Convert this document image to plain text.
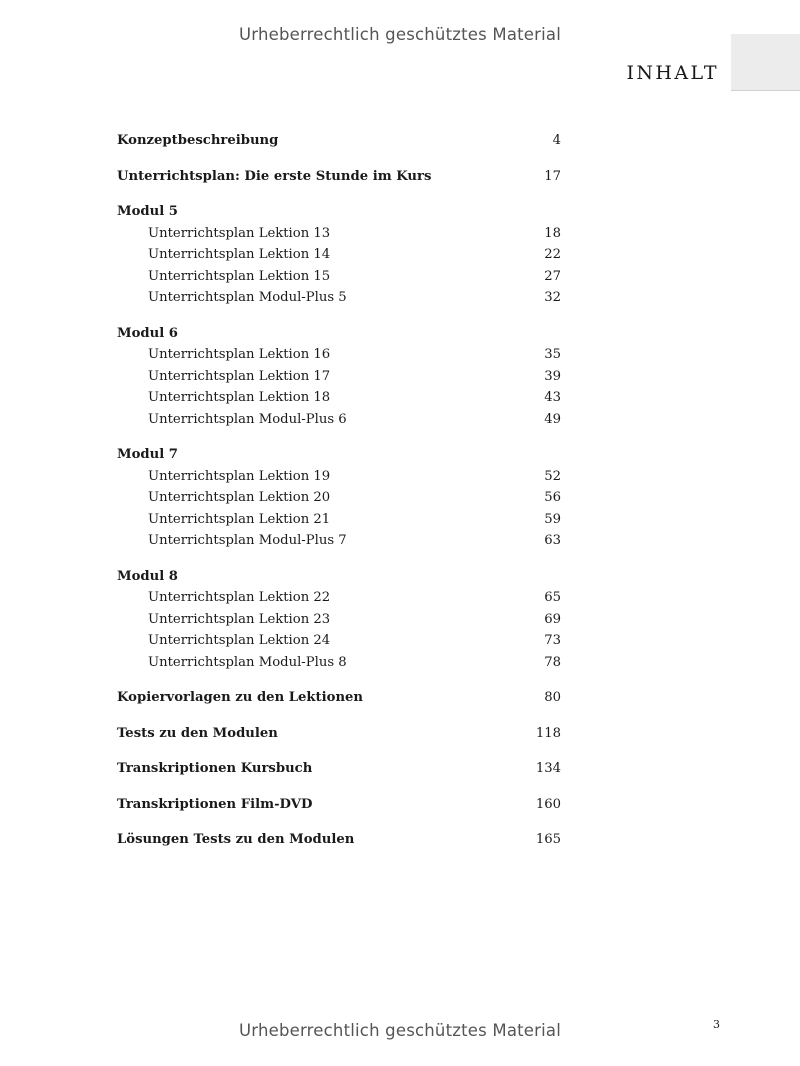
Urheberrechtlich geschütztes Material
INHALT
Konzeptbeschreibung	4
Unterrichtsplan: Die erste Stunde im Kurs	17
Modul 5
Unterrichtsplan Lektion 13	18
Unterrichtsplan Lektion 14	22
Unterrichtsplan Lektion 15	27
Unterrichtsplan Modul-Plus 5	32
Modul 6
Unterrichtsplan Lektion 16	35
Unterrichtsplan Lektion 17	39
Unterrichtsplan Lektion 18	43
Unterrichtsplan Modul-Plus 6	49
Modul 7
Unterrichtsplan Lektion 19	52
Unterrichtsplan Lektion 20	56
Unterrichtsplan Lektion 21	59
Unterrichtsplan Modul-Plus 7	63
Modul 8
Unterrichtsplan Lektion 22	65
Unterrichtsplan Lektion 23	69
Unterrichtsplan Lektion 24	73
Unterrichtsplan Modul-Plus 8	78
Kopiervorlagen zu den Lektionen	80
Tests zu den Modulen	118
Transkriptionen Kursbuch	134
Transkriptionen Film-DVD	160
Lösungen Tests zu den Modulen	165
3
Urheberrechtlich geschütztes Material
